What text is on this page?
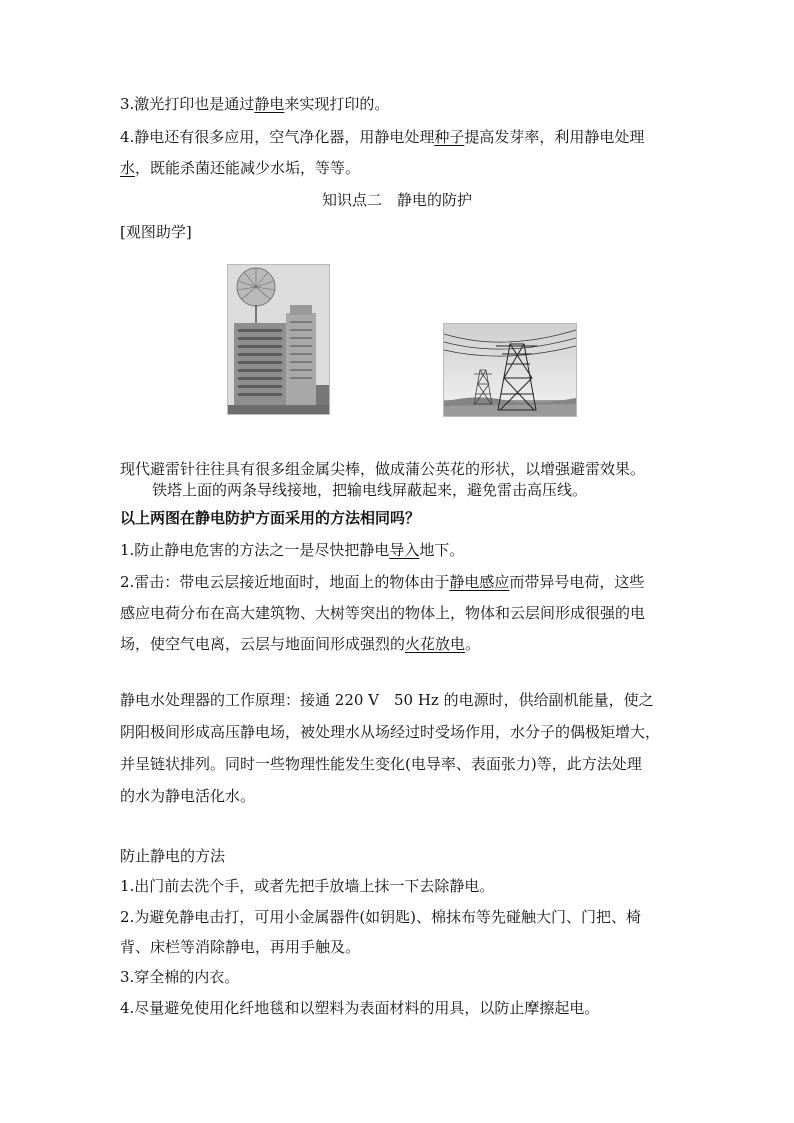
3.激光打印也是通过静电来实现打印的。
4.静电还有很多应用，空气净化器，用静电处理种子提高发芽率，利用静电处理
水，既能杀菌还能减少水垢，等等。
知识点二　静电的防护
[观图助学]
现代避雷针往往具有很多组金属尖棒，做成蒲公英花的形状，以增强避雷效果。
铁塔上面的两条导线接地，把输电线屏蔽起来，避免雷击高压线。
以上两图在静电防护方面采用的方法相同吗？
1.防止静电危害的方法之一是尽快把静电导入地下。
2.雷击：带电云层接近地面时，地面上的物体由于静电感应而带异号电荷，这些
感应电荷分布在高大建筑物、大树等突出的物体上，物体和云层间形成很强的电
场，使空气电离，云层与地面间形成强烈的火花放电。
静电水处理器的工作原理：接通 220 V　50 Hz 的电源时，供给副机能量，使之
阴阳极间形成高压静电场，被处理水从场经过时受场作用，水分子的偶极矩增大，
并呈链状排列。同时一些物理性能发生变化(电导率、表面张力)等，此方法处理
的水为静电活化水。
防止静电的方法
1.出门前去洗个手，或者先把手放墙上抹一下去除静电。
2.为避免静电击打，可用小金属器件(如钥匙)、棉抹布等先碰触大门、门把、椅
背、床栏等消除静电，再用手触及。
3.穿全棉的内衣。
4.尽量避免使用化纤地毯和以塑料为表面材料的用具，以防止摩擦起电。
